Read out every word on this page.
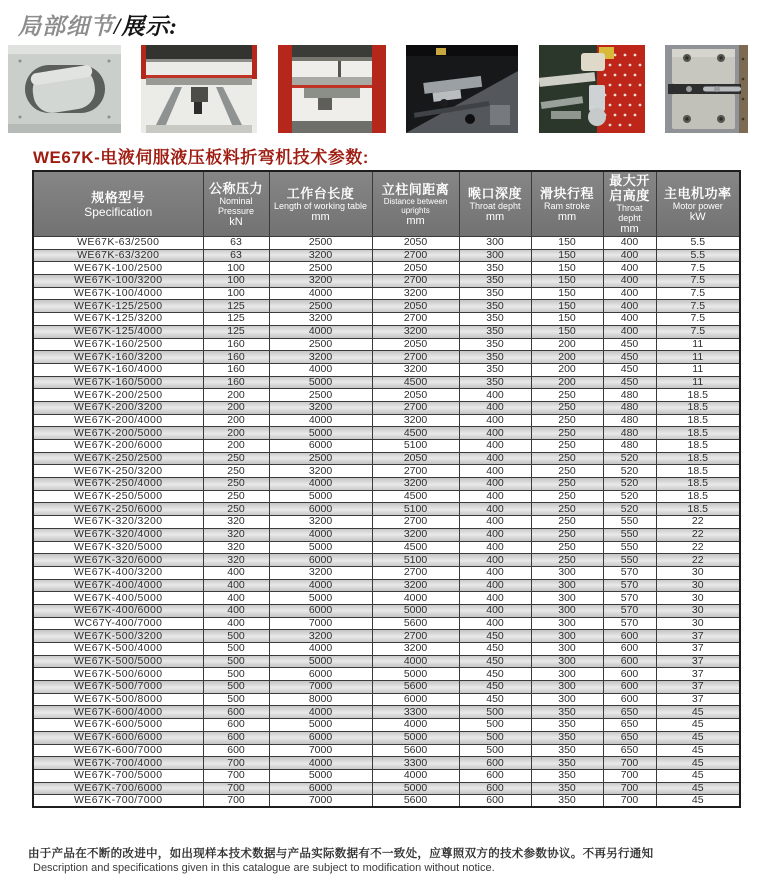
局部细节/展示:
WE67K-电液伺服液压板料折弯机技术参数:
规格型号
Specification

公称压力
Nominal Pressure
kN

工作台长度
Length of working table
mm

立柱间距离
Distance between uprights
mm

喉口深度
Throat depht
mm

滑块行程
Ram stroke
mm

最大开启高度
Throat depht
mm

主电机功率
Motor power
kW

WE67K-63/2500	63	2500	2050	300	150	400	5.5
WE67K-63/3200	63	3200	2700	300	150	400	5.5
WE67K-100/2500	100	2500	2050	350	150	400	7.5
WE67K-100/3200	100	3200	2700	350	150	400	7.5
WE67K-100/4000	100	4000	3200	350	150	400	7.5
WE67K-125/2500	125	2500	2050	350	150	400	7.5
WE67K-125/3200	125	3200	2700	350	150	400	7.5
WE67K-125/4000	125	4000	3200	350	150	400	7.5
WE67K-160/2500	160	2500	2050	350	200	450	11
WE67K-160/3200	160	3200	2700	350	200	450	11
WE67K-160/4000	160	4000	3200	350	200	450	11
WE67K-160/5000	160	5000	4500	350	200	450	11
WE67K-200/2500	200	2500	2050	400	250	480	18.5
WE67K-200/3200	200	3200	2700	400	250	480	18.5
WE67K-200/4000	200	4000	3200	400	250	480	18.5
WE67K-200/5000	200	5000	4500	400	250	480	18.5
WE67K-200/6000	200	6000	5100	400	250	480	18.5
WE67K-250/2500	250	2500	2050	400	250	520	18.5
WE67K-250/3200	250	3200	2700	400	250	520	18.5
WE67K-250/4000	250	4000	3200	400	250	520	18.5
WE67K-250/5000	250	5000	4500	400	250	520	18.5
WE67K-250/6000	250	6000	5100	400	250	520	18.5
WE67K-320/3200	320	3200	2700	400	250	550	22
WE67K-320/4000	320	4000	3200	400	250	550	22
WE67K-320/5000	320	5000	4500	400	250	550	22
WE67K-320/6000	320	6000	5100	400	250	550	22
WE67K-400/3200	400	3200	2700	400	300	570	30
WE67K-400/4000	400	4000	3200	400	300	570	30
WE67K-400/5000	400	5000	4000	400	300	570	30
WE67K-400/6000	400	6000	5000	400	300	570	30
WC67Y-400/7000	400	7000	5600	400	300	570	30
WE67K-500/3200	500	3200	2700	450	300	600	37
WE67K-500/4000	500	4000	3200	450	300	600	37
WE67K-500/5000	500	5000	4000	450	300	600	37
WE67K-500/6000	500	6000	5000	450	300	600	37
WE67K-500/7000	500	7000	5600	450	300	600	37
WE67K-500/8000	500	8000	6000	450	300	600	37
WE67K-600/4000	600	4000	3300	500	350	650	45
WE67K-600/5000	600	5000	4000	500	350	650	45
WE67K-600/6000	600	6000	5000	500	350	650	45
WE67K-600/7000	600	7000	5600	500	350	650	45
WE67K-700/4000	700	4000	3300	600	350	700	45
WE67K-700/5000	700	5000	4000	600	350	700	45
WE67K-700/6000	700	6000	5000	600	350	700	45
WE67K-700/7000	700	7000	5600	600	350	700	45
由于产品在不断的改进中，如出现样本技术数据与产品实际数据有不一致处，应尊照双方的技术参数协议。不再另行通知
Description and specifications given in this catalogue are subject to modification without notice.
